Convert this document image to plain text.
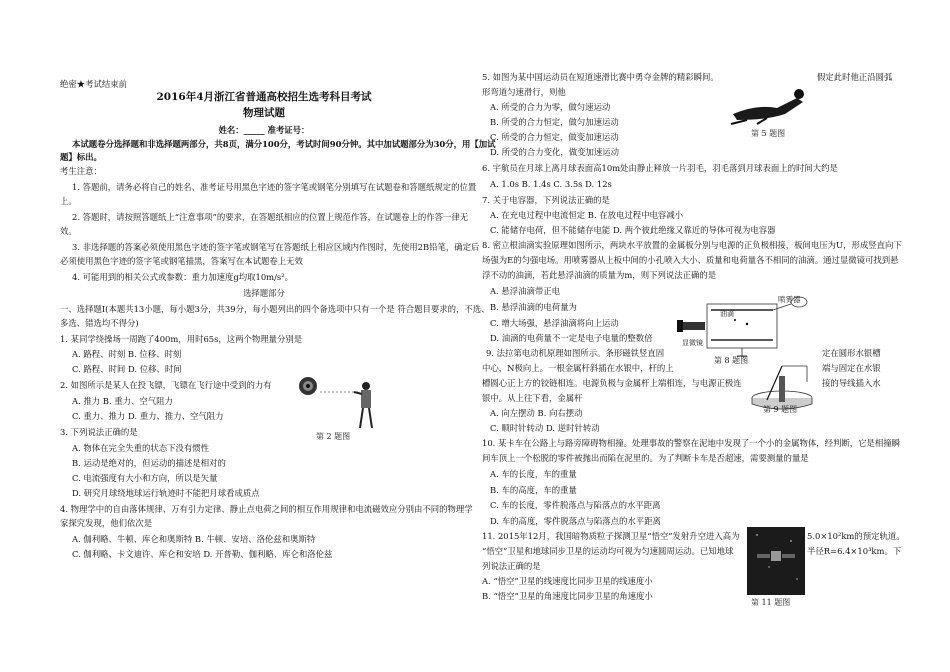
绝密★考试结束前
2016年4月浙江省普通高校招生选考科目考试
物理试题
姓名：_____ 准考证号：
本试题卷分选择题和非选择题两部分，共8页，满分100分，考试时间90分钟。其中加试题部分为30分，用【加试
题】标出。
考生注意：
1. 答题前，请务必将自己的姓名、准考证号用黑色字迹的签字笔或钢笔分别填写在试题卷和答题纸规定的位置
上。
2. 答题时，请按照答题纸上“注意事项”的要求，在答题纸相应的位置上规范作答，在试题卷上的作答一律无
效。
3. 非选择题的答案必须使用黑色字迹的签字笔或钢笔写在答题纸上相应区域内作图时，先使用2B铅笔，确定后
必须使用黑色字迹的签字笔或钢笔描黑，答案写在本试题卷上无效
4. 可能用到的相关公式或参数：重力加速度g均取10m/s²。
选择题部分
一、选择题Ⅰ(本题共13小题，每小题3分，共39分，每小题列出的四个备选项中只有一个是 符合题目要求的，不选、
多选、错选均不得分)
1. 某同学绕操场一周跑了400m，用时65s，这两个物理量分别是
A. 路程、时刻 B. 位移、时刻
C. 路程、时间 D. 位移、时间
2. 如图所示是某人在投飞镖，飞镖在飞行途中受到的力有
A. 推力 B. 重力、空气阻力
C. 重力、推力 D. 重力、推力、空气阻力
3. 下列说法正确的是
A. 物体在完全失重的状态下没有惯性
B. 运动是绝对的，但运动的描述是相对的
C. 电流强度有大小和方向，所以是矢量
D. 研究月球绕地球运行轨迹时不能把月球看成质点
4. 物理学中的自由落体规律、万有引力定律、静止点电荷之间的相互作用规律和电流磁效应分别由不同的物理学
家探究发现，他们依次是
A. 伽利略、牛顿、库仑和奥斯特 B. 牛顿、安培、洛伦兹和奥斯特
C. 伽利略、卡文迪许、库仑和安培 D. 开普勒、伽利略、库仑和洛伦兹
第 2 题图
5. 如图为某中国运动员在短道速滑比赛中勇夺金牌的精彩瞬间。	假定此时他正沿圆弧
形弯道匀速滑行，则他
A. 所受的合力为零，做匀速运动
B. 所受的合力恒定，做匀加速运动
C. 所受的合力恒定，做变加速运动
D. 所受的合力变化，做变加速运动
第 5 题图
6. 宇航员在月球上离月球表面高10m处由静止释放一片羽毛，羽毛落到月球表面上的时间大约是
A. 1.0s B. 1.4s C. 3.5s D. 12s
7. 关于电容器，下列说法正确的是
A. 在充电过程中电流恒定 B. 在放电过程中电容减小
C. 能储存电荷，但不能储存电能 D. 两个彼此绝缘又靠近的导体可视为电容器
8. 密立根油滴实验原理如图所示，两块水平放置的金属板分别与电源的正负极相接，板间电压为U，形成竖直向下
场强为E的匀强电场。用喷雾器从上板中间的小孔喷入大小、质量和电荷量各不相同的油滴。通过显微镜可找到悬
浮不动的油滴，若此悬浮油滴的质量为m，则下列说法正确的是
A. 悬浮油滴带正电
B. 悬浮油滴的电荷量为
C. 增大场强，悬浮油滴将向上运动
D. 油滴的电荷量不一定是电子电量的整数倍
喷雾器
油滴
显微镜
第 8 题图
9. 法拉第电动机原理如图所示。条形磁铁竖直固	定在圆形水银槽
中心，N极向上。一根金属杆斜插在水银中，杆的上	端与固定在水银
槽圆心正上方的铰链相连。电源负极与金属杆上端相连，与电源正极连	接的导线插入水
银中。从上往下看，金属杆
A. 向左摆动 B. 向右摆动
C. 顺时针转动 D. 逆时针转动
第 9 题图
10. 某卡车在公路上与路旁障碍物相撞。处理事故的警察在泥地中发现了一个小的金属物体，经判断，它是相撞瞬
间车顶上一个松脱的零件被抛出而陷在泥里的。为了判断卡车是否超速，需要测量的量是
A. 车的长度，车的重量
B. 车的高度，车的重量
C. 车的长度，零件脱落点与陷落点的水平距离
D. 车的高度，零件脱落点与陷落点的水平距离
11. 2015年12月，我国暗物质粒子探测卫星“悟空”发射升空进入高为	5.0×10²km的预定轨道。
“悟空”卫星和地球同步卫星的运动均可视为匀速圆周运动。已知地球	半径R=6.4×10³km。下
列说法正确的是
A. “悟空”卫星的线速度比同步卫星的线速度小
B. “悟空”卫星的角速度比同步卫星的角速度小
第 11 题图
